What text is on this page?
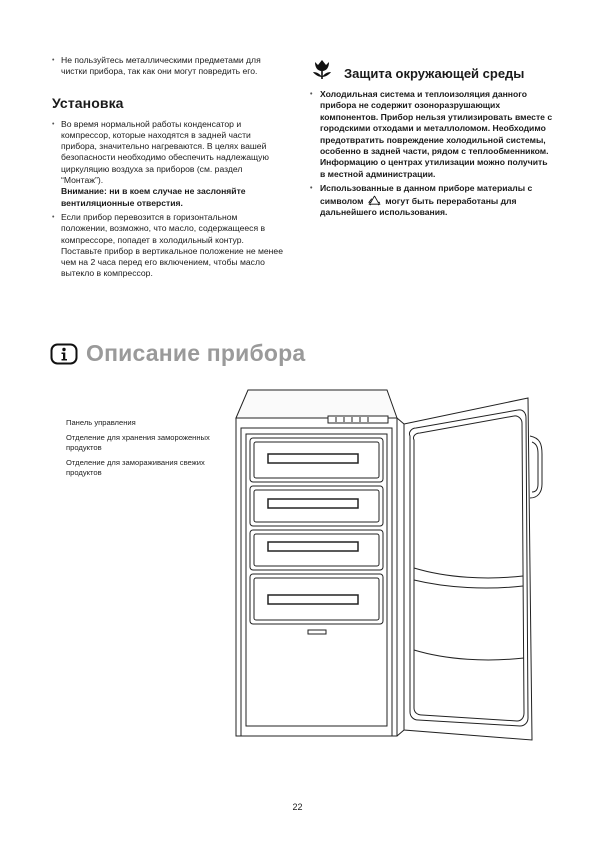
• Не пользуйтесь металлическими предметами для чистки прибора, так как они могут повредить его.

Установка

• Во время нормальной работы конденсатор и компрессор, которые находятся в задней части прибора, значительно нагреваются. В целях вашей безопасности необходимо обеспечить надлежащую циркуляцию воздуха за приборов (см. раздел “Монтаж”).

Внимание: ни в коем случае не заслоняйте вентиляционные отверстия.

• Если прибор перевозится в горизонтальном положении, возможно, что масло, содержащееся в компрессоре, попадет в холодильный контур. Поставьте прибор в вертикальное положение не менее чем на 2 часа перед его включением, чтобы масло вытекло в компрессор.

Защита окружающей среды

• Холодильная система и теплоизоляция данного прибора не содержит озоноразрушающих компонентов. Прибор нельзя утилизировать вместе с городскими отходами и металлоломом. Необходимо предотвратить повреждение холодильной системы, особенно в задней части, рядом с теплообменником. Информацию о центрах утилизации можно получить в местной администрации.

• Использованные в данном приборе материалы с символом	могут быть переработаны для дальнейшего использования.

Описание прибора
Панель управления
Отделение для хранения замороженных продуктов
Отделение для замораживания свежих продуктов
22
